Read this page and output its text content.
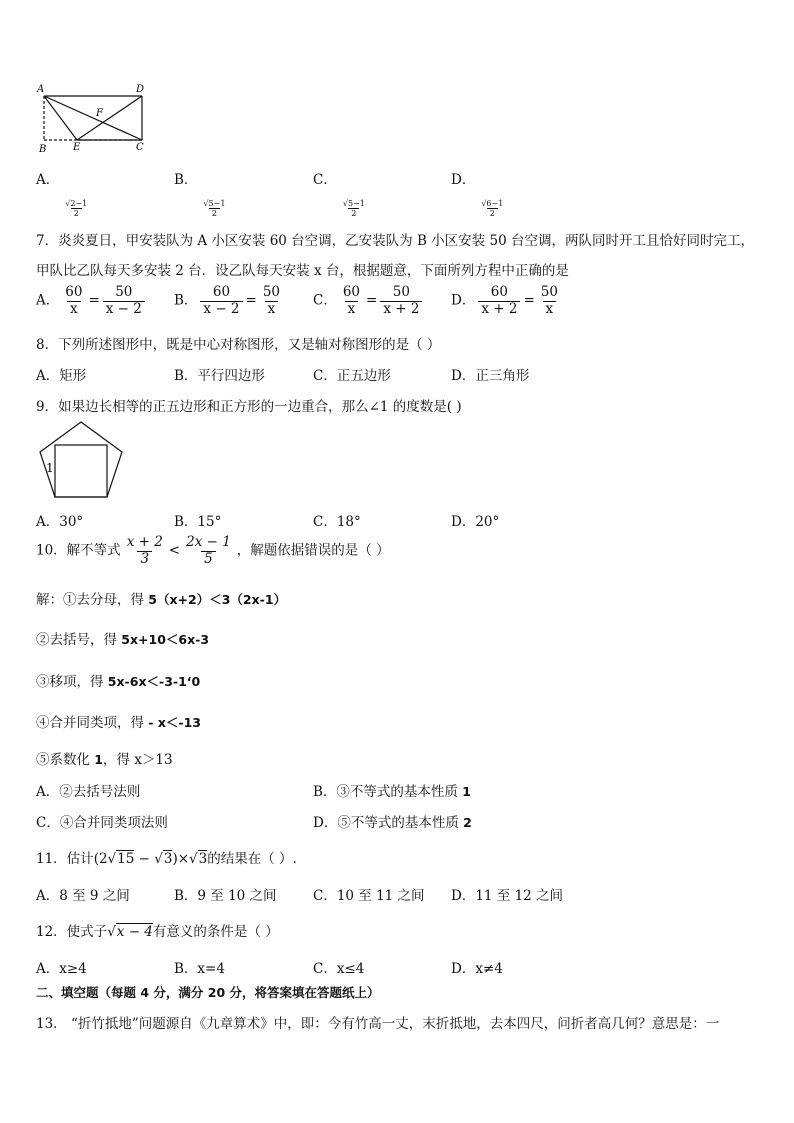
A	D
F
B	E	C
A．
$\frac{√2-1}{2}$
B．
$\frac{√5-1}{2}$
C．
$\frac{√5-1}{2}$
D．
$\frac{√6-1}{2}$
7．炎炎夏日，甲安装队为 A 小区安装 60 台空调，乙安装队为 B 小区安装 50 台空调，两队同时开工且恰好同时完工，
甲队比乙队每天多安装 2 台．设乙队每天安装 x 台，根据题意，下面所列方程中正确的是
A． $\frac{60}{x} = \frac{50}{x - 2}$ B． $\frac{60}{x - 2} = \frac{50}{x}$ C． $\frac{60}{x} = \frac{50}{x + 2}$ D． $\frac{60}{x + 2} = \frac{50}{x}$
8．下列所述图形中，既是中心对称图形，又是轴对称图形的是（ ）
A．矩形	B．平行四边形	C．正五边形	D．正三角形
9．如果边长相等的正五边形和正方形的一边重合，那么∠1 的度数是( )
1
A．30°	B．15°	C．18°	D．20°
10．解不等式 $\frac{x + 2}{3} < \frac{2x - 1}{5}$ ，解题依据错误的是（ ）
解：①去分母，得 5（x+2）＜3（2x-1）
②去括号，得 5x+10＜6x-3
③移项，得 5x-6x＜-3-1‘0
④合并同类项，得 - x＜-13
⑤系数化 1，得 x＞13
A．②去括号法则	B．③不等式的基本性质 1
C．④合并同类项法则	D．⑤不等式的基本性质 2
11．估计(2√15 − √3)×√3的结果在（ ）.
A．8 至 9 之间	B．9 至 10 之间	C．10 至 11 之间 D．11 至 12 之间
12．使式子√x − 4有意义的条件是（ ）
A．x≥4	B．x=4	C．x≤4	D．x≠4
二、填空题（每题 4 分，满分 20 分，将答案填在答题纸上）
13． “折竹抵地”问题源自《九章算术》中，即：今有竹高一丈，末折抵地，去本四尺，问折者高几何？意思是：一
